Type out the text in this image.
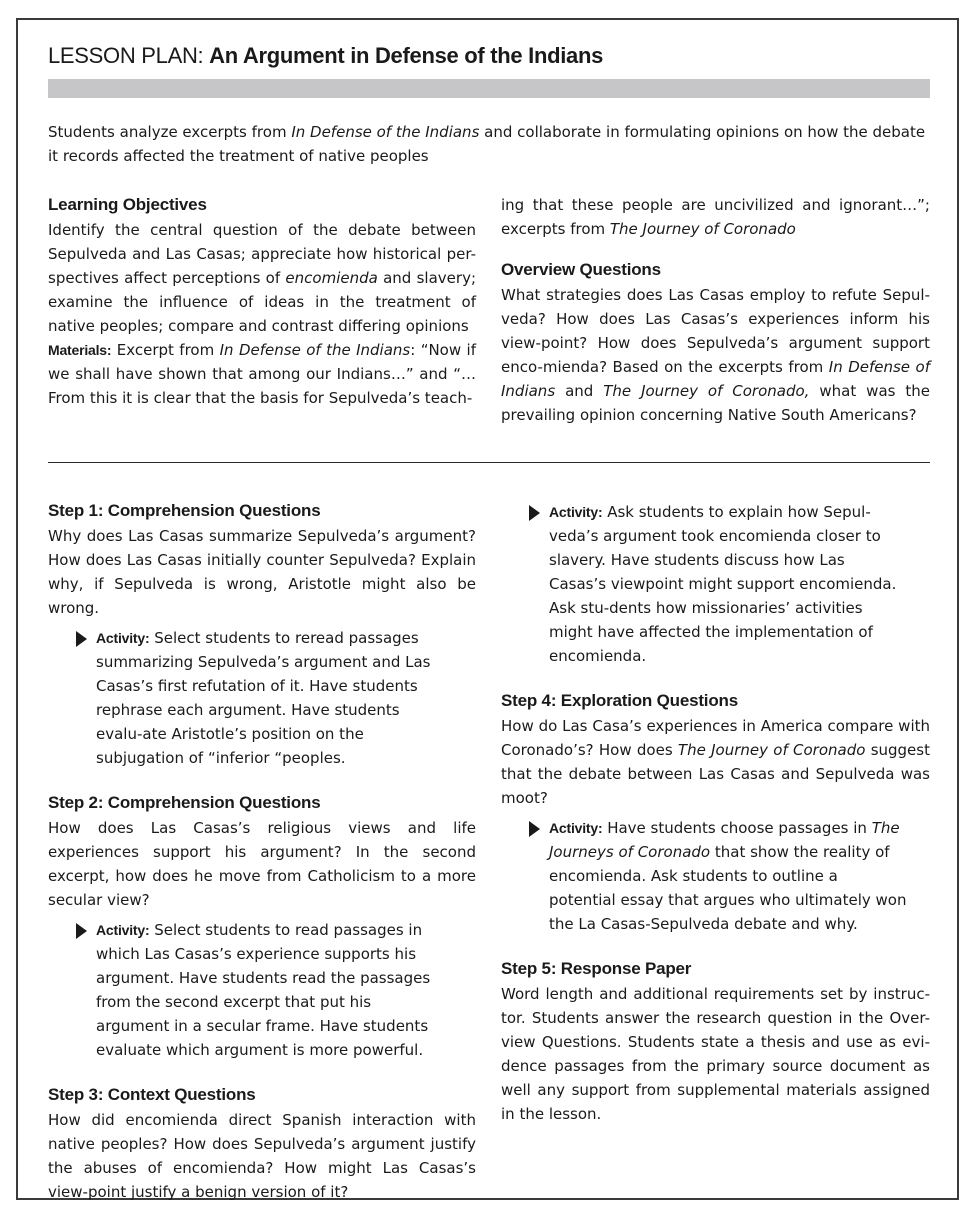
LESSON PLAN: An Argument in Defense of the Indians

Students analyze excerpts from In Defense of the Indians and collaborate in formulating opinions on how the debate it records affected the treatment of native peoples

Learning Objectives

Identify the central question of the debate between Sepulveda and Las Casas; appreciate how historical per-spectives affect perceptions of encomienda and slavery; examine the influence of ideas in the treatment of native peoples; compare and contrast differing opinions

Materials: Excerpt from In Defense of the Indians: “Now if we shall have shown that among our Indians…” and “… From this it is clear that the basis for Sepulveda’s teach-

ing that these people are uncivilized and ignorant…”; excerpts from The Journey of Coronado

Overview Questions

What strategies does Las Casas employ to refute Sepul-veda? How does Las Casas’s experiences inform his view-point? How does Sepulveda’s argument support enco-mienda? Based on the excerpts from In Defense of Indians and The Journey of Coronado, what was the prevailing opinion concerning Native South Americans?

Step 1: Comprehension Questions

Why does Las Casas summarize Sepulveda’s argument? How does Las Casas initially counter Sepulveda? Explain why, if Sepulveda is wrong, Aristotle might also be wrong.

Activity: Select students to reread passages summarizing Sepulveda’s argument and Las Casas’s first refutation of it. Have students rephrase each argument. Have students evalu-ate Aristotle’s position on the subjugation of “inferior “peoples.

Step 2: Comprehension Questions

How does Las Casas’s religious views and life experiences support his argument? In the second excerpt, how does he move from Catholicism to a more secular view?

Activity: Select students to read passages in which Las Casas’s experience supports his argument. Have students read the passages from the second excerpt that put his argument in a secular frame. Have students evaluate which argument is more powerful.

Step 3: Context Questions

How did encomienda direct Spanish interaction with native peoples? How does Sepulveda’s argument justify the abuses of encomienda? How might Las Casas’s view-point justify a benign version of it?

Activity: Ask students to explain how Sepul-veda’s argument took encomienda closer to slavery. Have students discuss how Las Casas’s viewpoint might support encomienda. Ask stu-dents how missionaries’ activities might have affected the implementation of encomienda.

Step 4: Exploration Questions

How do Las Casa’s experiences in America compare with Coronado’s? How does The Journey of Coronado suggest that the debate between Las Casas and Sepulveda was moot?

Activity: Have students choose passages in The Journeys of Coronado that show the reality of encomienda. Ask students to outline a potential essay that argues who ultimately won the La Casas-Sepulveda debate and why.

Step 5: Response Paper

Word length and additional requirements set by instruc-tor. Students answer the research question in the Over-view Questions. Students state a thesis and use as evi-dence passages from the primary source document as well any support from supplemental materials assigned in the lesson.
